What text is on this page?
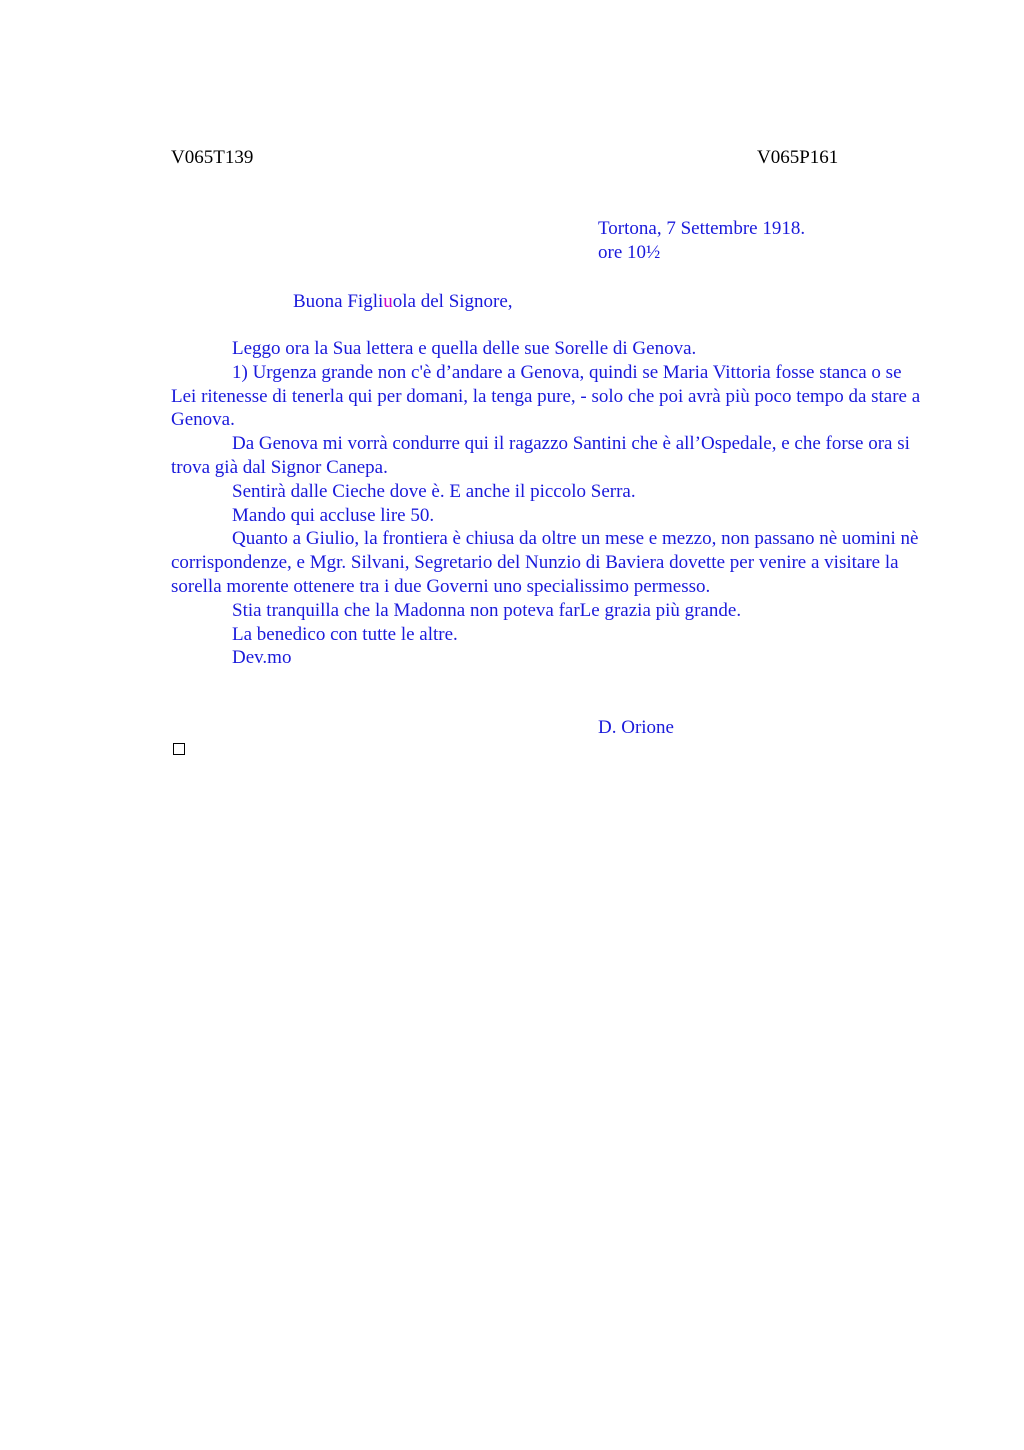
V065T139	V065P161
Tortona, 7 Settembre 1918.
ore 10½
Buona Figliuola del Signore,

Leggo ora la Sua lettera e quella delle sue Sorelle di Genova.

1) Urgenza grande non c'è d’andare a Genova, quindi se Maria Vittoria fosse stanca o se Lei ritenesse di tenerla qui per domani, la tenga pure, - solo che poi avrà più poco tempo da stare a Genova.

Da Genova mi vorrà condurre qui il ragazzo Santini che è all’Ospedale, e che forse ora si trova già dal Signor Canepa.

Sentirà dalle Cieche dove è. E anche il piccolo Serra.

Mando qui accluse lire 50.

Quanto a Giulio, la frontiera è chiusa da oltre un mese e mezzo, non passano nè uomini nè corrispondenze, e Mgr. Silvani, Segretario del Nunzio di Baviera dovette per venire a visitare la sorella morente ottenere tra i due Governi uno specialissimo permesso.

Stia tranquilla che la Madonna non poteva farLe grazia più grande.

La benedico con tutte le altre.

Dev.mo

D. Orione
